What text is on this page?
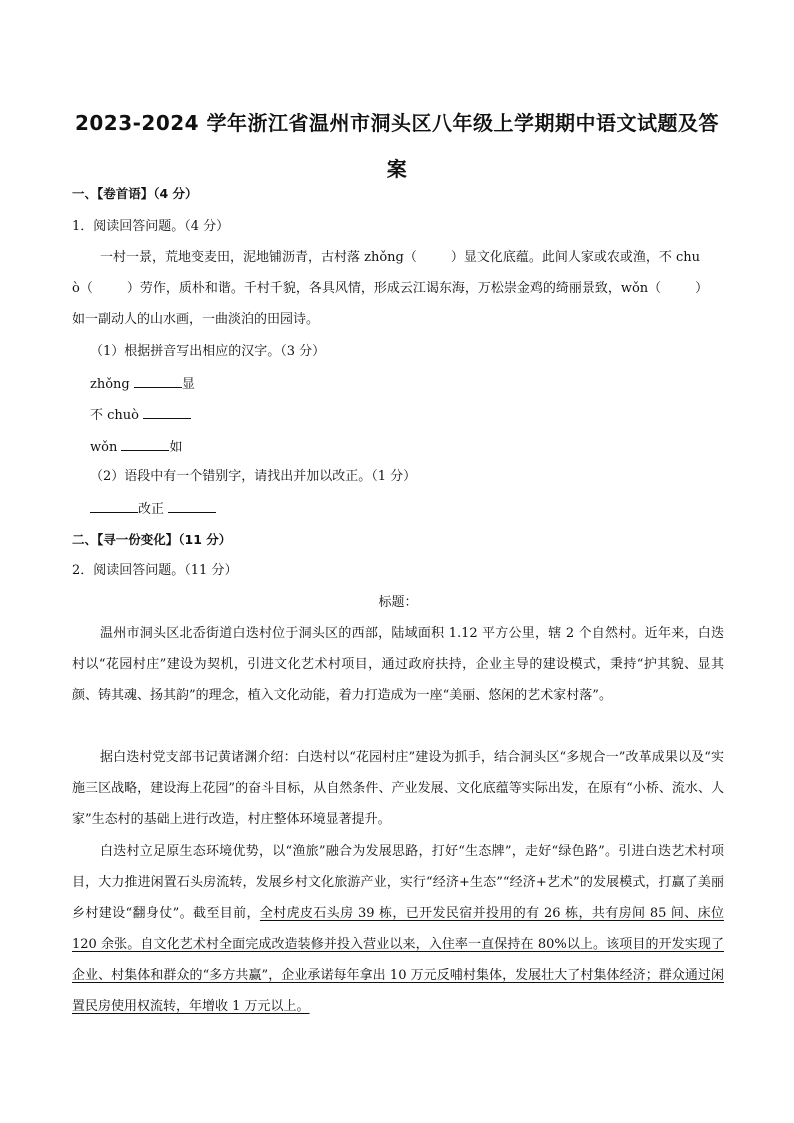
2023-2024 学年浙江省温州市洞头区八年级上学期期中语文试题及答案
一、【卷首语】（4 分）
1．阅读回答问题。（4 分）
一村一景，荒地变麦田，泥地铺沥青，古村落 zhǒng（	）显文化底蕴。此间人家或农或渔，不 chu
ò（	）劳作，质朴和谐。千村千貌，各具风情，形成云江谒东海，万松崇金鸡的绮丽景致，wǒn（	）
如一副动人的山水画，一曲淡泊的田园诗。
（1）根据拼音写出相应的汉字。（3 分）
zhǒng	显
不 chuò
wǒn	如
（2）语段中有一个错别字，请找出并加以改正。（1 分）
改正
二、【寻一份变化】（11 分）
2．阅读回答问题。（11 分）
标题：
温州市洞头区北岙街道白迭村位于洞头区的西部，陆域面积 1.12 平方公里，辖 2 个自然村。近年来，白迭村以“花园村庄”建设为契机，引进文化艺术村项目，通过政府扶持，企业主导的建设模式，秉持“护其貌、显其颜、铸其魂、扬其韵”的理念，植入文化动能，着力打造成为一座“美丽、悠闲的艺术家村落”。
据白迭村党支部书记黄诸渊介绍：白迭村以“花园村庄”建设为抓手，结合洞头区“多规合一”改革成果以及“实施三区战略，建设海上花园”的奋斗目标，从自然条件、产业发展、文化底蕴等实际出发，在原有“小桥、流水、人家”生态村的基础上进行改造，村庄整体环境显著提升。
白迭村立足原生态环境优势，以“渔旅”融合为发展思路，打好“生态牌”，走好“绿色路”。引进白迭艺术村项目，大力推进闲置石头房流转，发展乡村文化旅游产业，实行“经济+生态”“经济+艺术”的发展模式，打赢了美丽乡村建设“翻身仗”。截至目前，全村虎皮石头房 39 栋，已开发民宿并投用的有 26 栋，共有房间 85 间、床位 120 余张。自文化艺术村全面完成改造装修并投入营业以来，入住率一直保持在 80%以上。该项目的开发实现了企业、村集体和群众的“多方共赢”，企业承诺每年拿出 10 万元反哺村集体，发展壮大了村集体经济；群众通过闲置民房使用权流转，年增收 1 万元以上。
